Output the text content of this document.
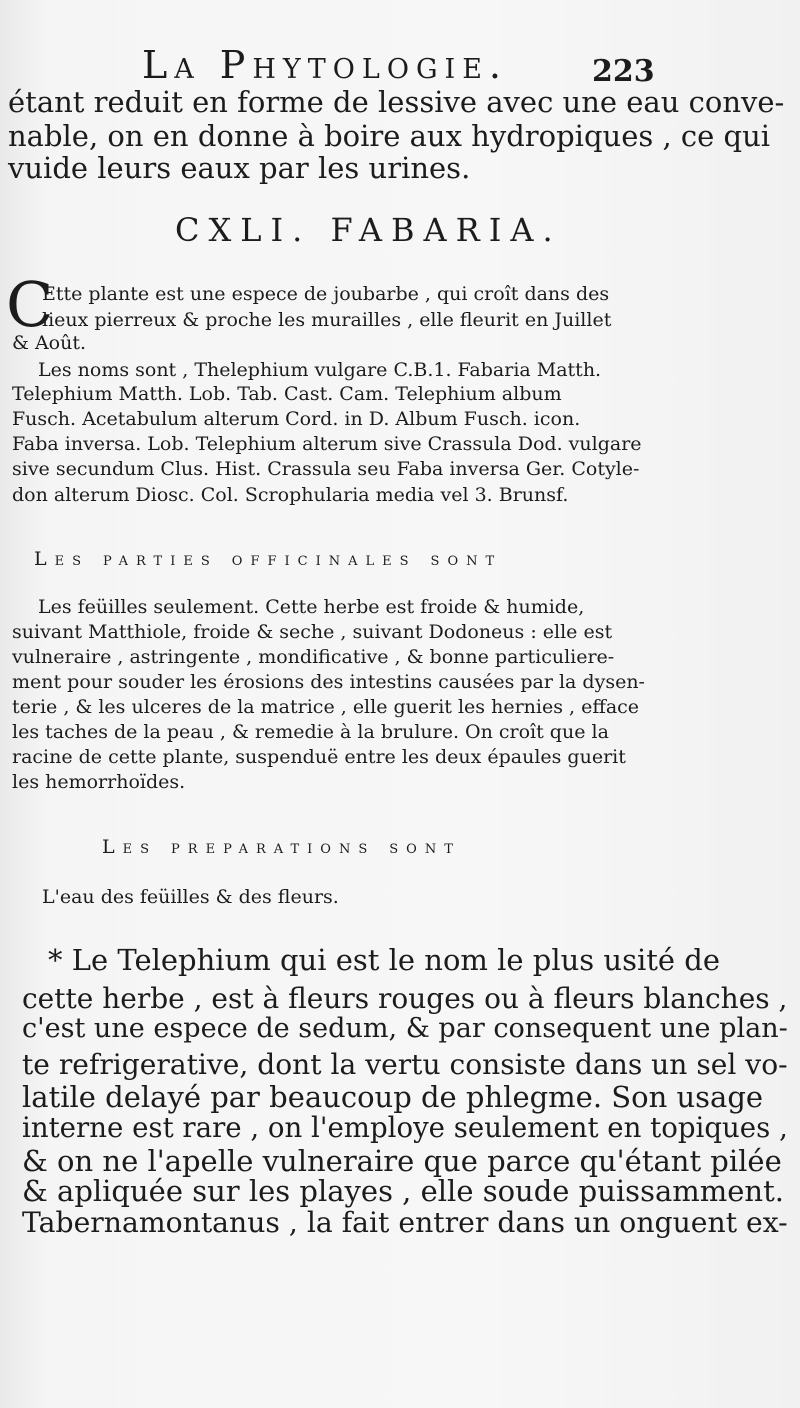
La Phytologie.	223
étant reduit en forme de lessive avec une eau conve-
nable, on en donne à boire aux hydropiques , ce qui
vuide leurs eaux par les urines.
CXLI. FABARIA.
C
Ette plante est une espece de joubarbe , qui croît dans des
lieux pierreux & proche les murailles , elle fleurit en Juillet
& Août.
Les noms sont , Thelephium vulgare C.B.1. Fabaria Matth.
Telephium Matth. Lob. Tab. Cast. Cam. Telephium album
Fusch. Acetabulum alterum Cord. in D. Album Fusch. icon.
Faba inversa. Lob. Telephium alterum sive Crassula Dod. vulgare
sive secundum Clus. Hist. Crassula seu Faba inversa Ger. Cotyle-
don alterum Diosc. Col. Scrophularia media vel 3. Brunsf.
Les parties officinales sont
Les feüilles seulement. Cette herbe est froide & humide,
suivant Matthiole, froide & seche , suivant Dodoneus : elle est
vulneraire , astringente , mondificative , & bonne particuliere-
ment pour souder les érosions des intestins causées par la dysen-
terie , & les ulceres de la matrice , elle guerit les hernies , efface
les taches de la peau , & remedie à la brulure. On croît que la
racine de cette plante, suspenduë entre les deux épaules guerit
les hemorrhoïdes.
Les preparations sont
L'eau des feüilles & des fleurs.
* Le Telephium qui est le nom le plus usité de
cette herbe , est à fleurs rouges ou à fleurs blanches ,
c'est une espece de sedum, & par consequent une plan-
te refrigerative, dont la vertu consiste dans un sel vo-
latile delayé par beaucoup de phlegme. Son usage
interne est rare , on l'employe seulement en topiques ,
& on ne l'apelle vulneraire que parce qu'étant pilée
& apliquée sur les playes , elle soude puissamment.
Tabernamontanus , la fait entrer dans un onguent ex-
